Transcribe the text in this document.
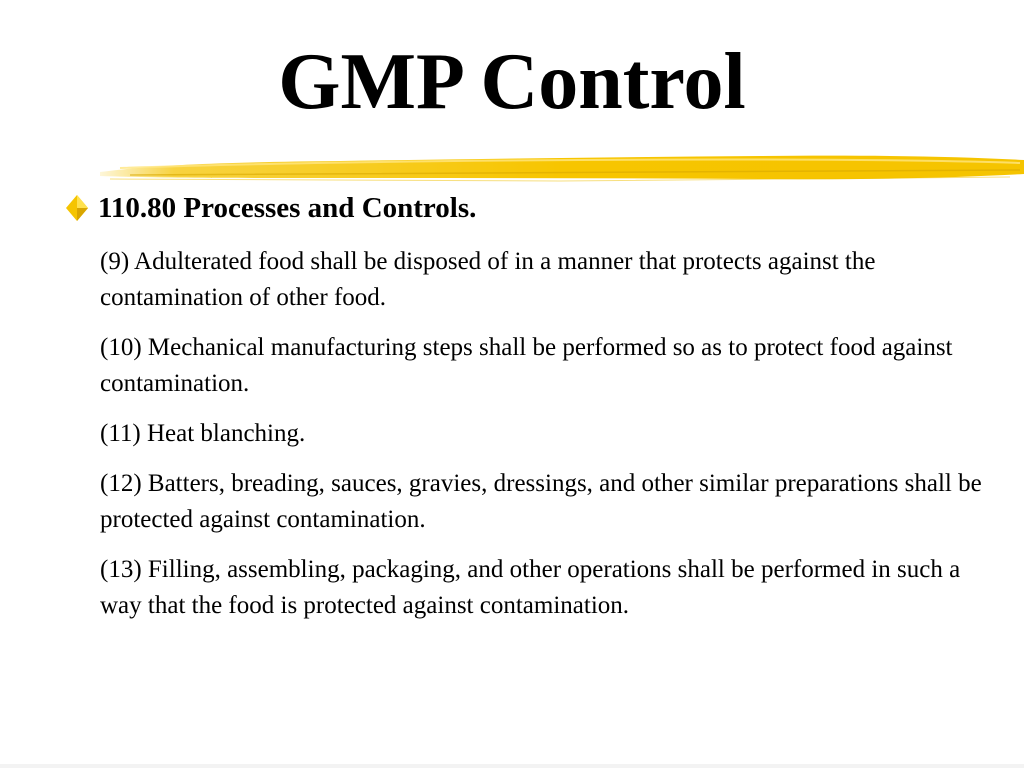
GMP Control
110.80 Processes and Controls.
(9) Adulterated food shall be disposed of in a manner that protects against the contamination of other food.
(10) Mechanical manufacturing steps shall be performed so as to protect food against contamination.
(11) Heat blanching.
(12) Batters, breading, sauces, gravies, dressings, and other similar preparations shall be  protected against contamination.
(13) Filling, assembling, packaging, and other operations shall be performed in such a way that the food is protected against contamination.
